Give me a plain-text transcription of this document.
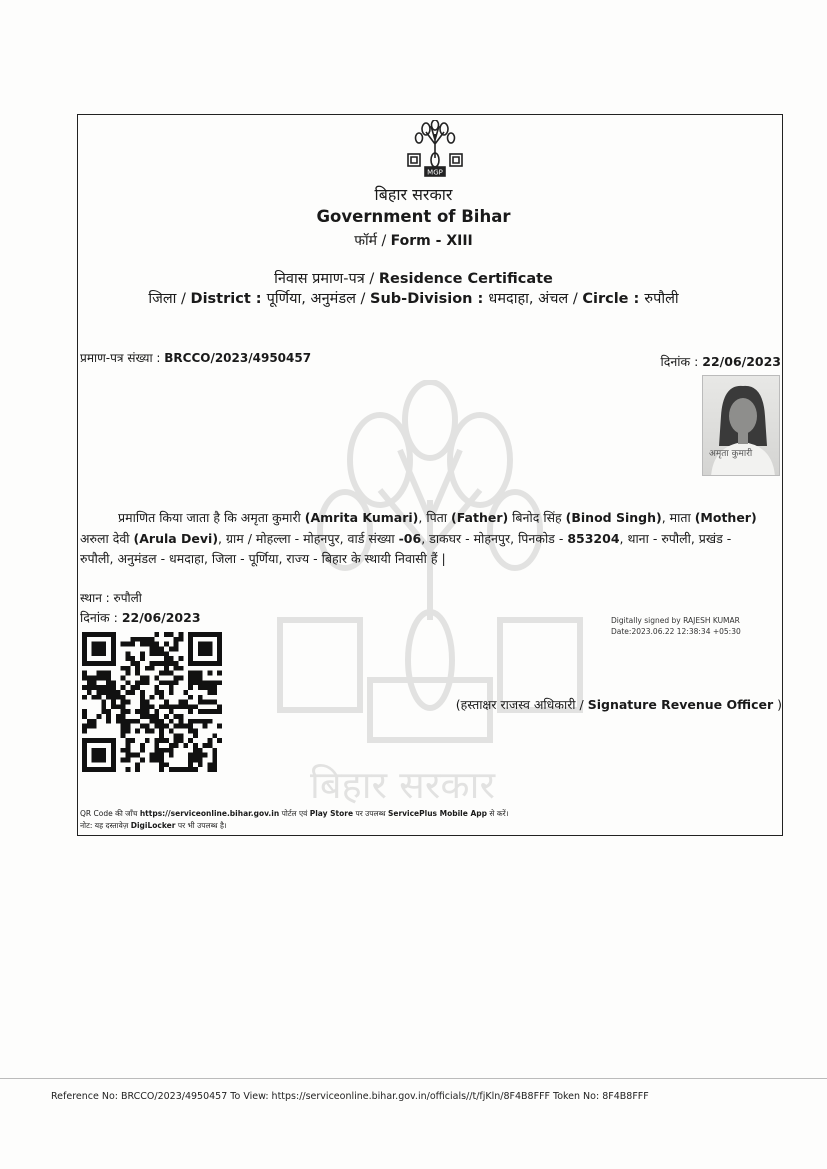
बिहार सरकार
MGP
बिहार सरकार
Government of Bihar
फॉर्म / Form - XIII
निवास प्रमाण-पत्र / Residence Certificate
जिला / District : पूर्णिया, अनुमंडल / Sub-Division : धमदाहा, अंचल / Circle : रुपौली
प्रमाण-पत्र संख्या : BRCCO/2023/4950457	दिनांक : 22/06/2023
अमृता कुमारी
प्रमाणित किया जाता है कि अमृता कुमारी (Amrita Kumari), पिता (Father) बिनोद सिंह (Binod Singh), माता (Mother)
अरुला देवी (Arula Devi), ग्राम / मोहल्ला - मोहनपुर, वार्ड संख्या -06, डाकघर - मोहनपुर, पिनकोड - 853204, थाना - रुपौली, प्रखंड -
रुपौली, अनुमंडल - धमदाहा, जिला - पूर्णिया, राज्य - बिहार के स्थायी निवासी हैं |
स्थान : रुपौली
दिनांक : 22/06/2023	Digitally signed by RAJESH KUMAR
Date:2023.06.22 12:38:34 +05:30
(हस्ताक्षर राजस्व अधिकारी / Signature Revenue Officer )
QR Code की जाँच https://serviceonline.bihar.gov.in पोर्टल एवं Play Store पर उपलब्ध ServicePlus Mobile App से करें।
नोट: यह दस्तावेज़ DigiLocker पर भी उपलब्ध है।
Reference No: BRCCO/2023/4950457 To View: https://serviceonline.bihar.gov.in/officials//t/fjKln/8F4B8FFF Token No: 8F4B8FFF
